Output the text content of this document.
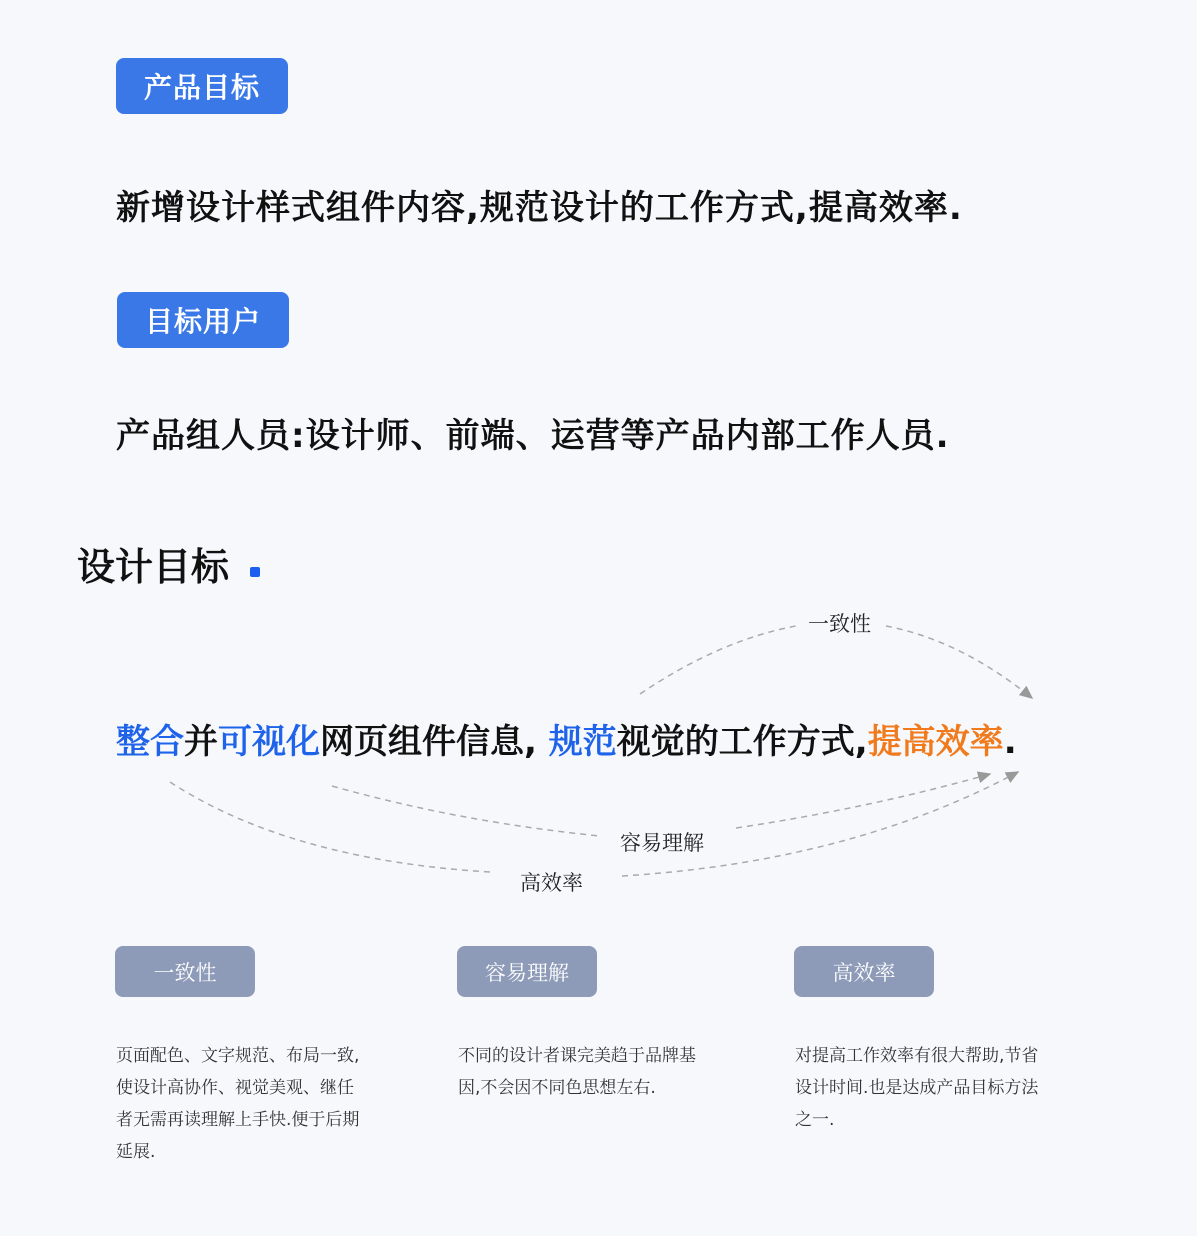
产品目标
新增设计样式组件内容,规范设计的工作方式,提高效率.
目标用户
产品组人员:设计师、前端、运营等产品内部工作人员.
设计目标
一致性
容易理解
高效率
整合并可视化网页组件信息, 规范视觉的工作方式,提高效率.
一致性	容易理解	高效率
页面配色、文字规范、布局一致,
使设计高协作、视觉美观、继任
者无需再读理解上手快.便于后期
延展.
不同的设计者课完美趋于品牌基
因,不会因不同色思想左右.
对提高工作效率有很大帮助,节省
设计时间.也是达成产品目标方法
之一.
